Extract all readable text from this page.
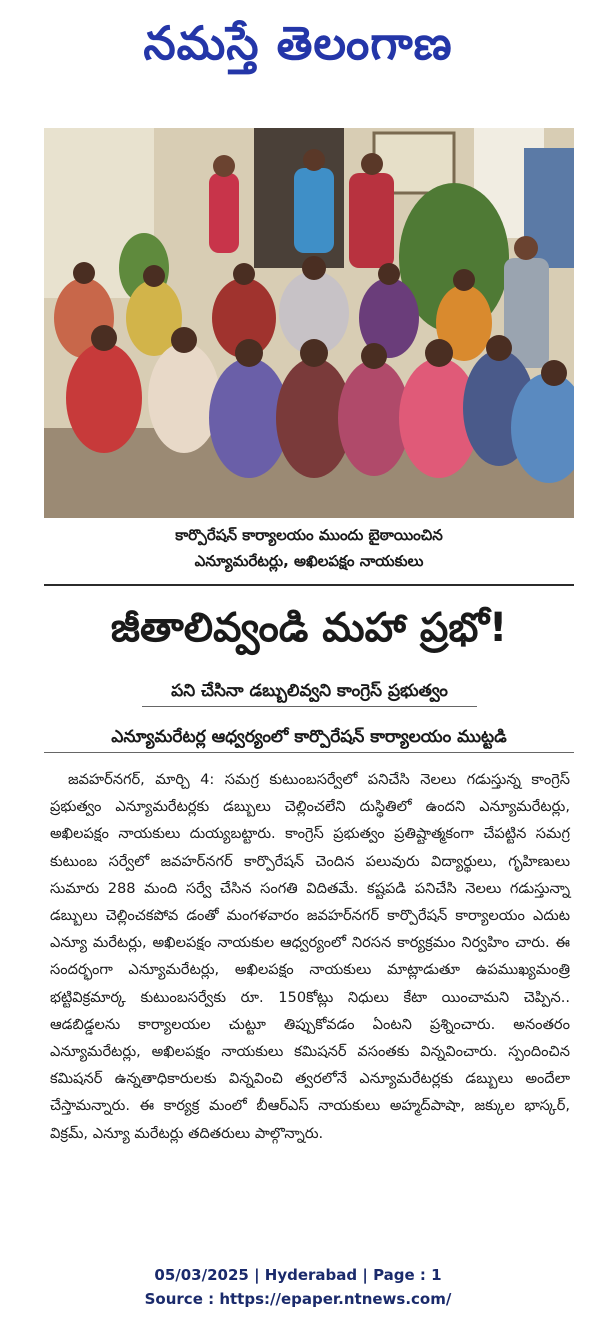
నమస్తే తెలంగాణ
కార్పొరేషన్ కార్యాలయం ముందు బైఠాయించిన
ఎన్యూమరేటర్లు, అఖిలపక్షం నాయకులు
జీతాలివ్వండి మహా ప్రభో!
పని చేసినా డబ్బులివ్వని కాంగ్రెస్ ప్రభుత్వం
ఎన్యూమరేటర్ల ఆధ్వర్యంలో కార్పొరేషన్ కార్యాలయం ముట్టడి
జవహర్‌నగర్, మార్చి 4: సమగ్ర కుటుంబసర్వేలో పనిచేసి నెలలు గడుస్తున్న కాంగ్రెస్ ప్రభుత్వం ఎన్యూమరేటర్లకు డబ్బులు చెల్లించలేని దుస్థితిలో ఉందని ఎన్యూమరేటర్లు, అఖిలపక్షం నాయకులు దుయ్యబట్టారు. కాంగ్రెస్ ప్రభుత్వం ప్రతిష్టాత్మకంగా చేపట్టిన సమగ్ర కుటుంబ సర్వేలో జవహర్‌నగర్ కార్పొరేషన్ చెందిన పలువురు విద్యార్థులు, గృహిణులు సుమారు 288 మంది సర్వే చేసిన సంగతి విదితమే. కష్టపడి పనిచేసి నెలలు గడుస్తున్నా డబ్బులు చెల్లించకపోవ డంతో మంగళవారం జవహర్‌నగర్ కార్పొరేషన్ కార్యాలయం ఎదుట ఎన్యూ మరేటర్లు, అఖిలపక్షం నాయకుల ఆధ్వర్యంలో నిరసన కార్యక్రమం నిర్వహిం చారు. ఈ సందర్భంగా ఎన్యూమరేటర్లు, అఖిలపక్షం నాయకులు మాట్లాడుతూ ఉపముఖ్యమంత్రి భట్టివిక్రమార్క కుటుంబసర్వేకు రూ. 150కోట్లు నిధులు కేటా యించామని చెప్పిన.. ఆడబిడ్డలను కార్యాలయల చుట్టూ తిప్పుకోవడం ఏంటని ప్రశ్నించారు. అనంతరం ఎన్యూమరేటర్లు, అఖిలపక్షం నాయకులు కమిషనర్ వసంతకు విన్నవించారు. స్పందించిన కమిషనర్ ఉన్నతాధికారులకు విన్నవించి త్వరలోనే ఎన్యూమరేటర్లకు డబ్బులు అందేలా చేస్తామన్నారు. ఈ కార్యక్ర మంలో బీఆర్‌ఎస్ నాయకులు అహ్మద్‌పాషా, జక్కుల భాస్కర్, విక్రమ్, ఎన్యూ మరేటర్లు తదితరులు పాల్గొన్నారు.
05/03/2025 | Hyderabad | Page : 1
Source : https://epaper.ntnews.com/
